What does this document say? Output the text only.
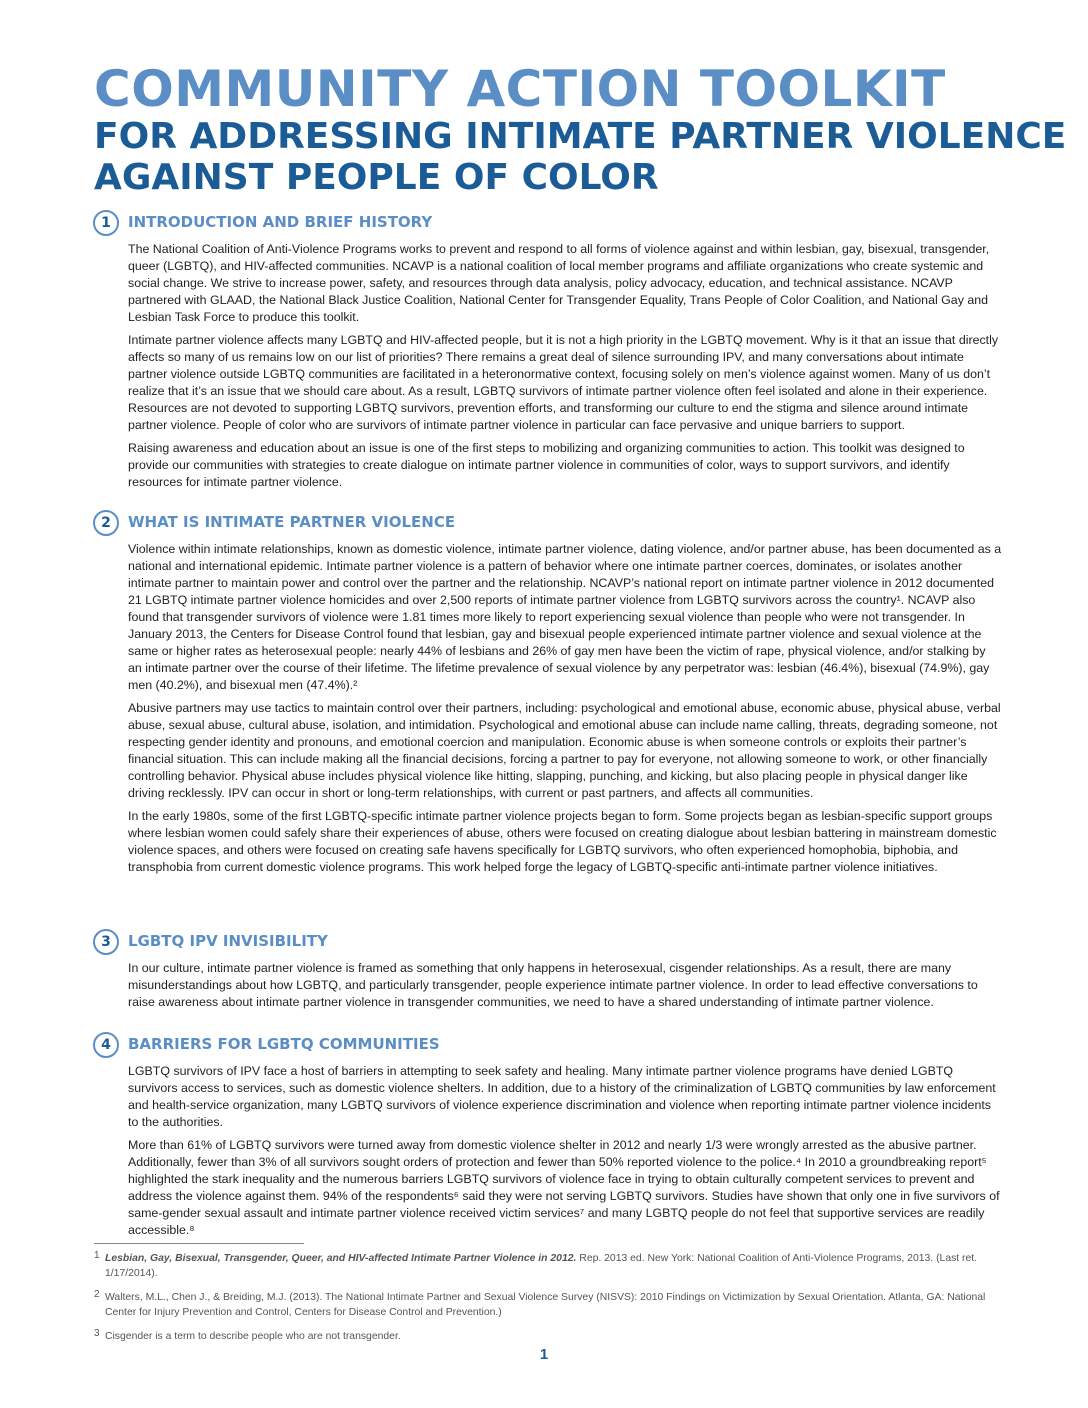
COMMUNITY ACTION TOOLKIT
FOR ADDRESSING INTIMATE PARTNER VIOLENCE
AGAINST PEOPLE OF COLOR
1	INTRODUCTION AND BRIEF HISTORY

The National Coalition of Anti-Violence Programs works to prevent and respond to all forms of violence against and within lesbian, gay, bisexual, transgender, queer (LGBTQ), and HIV-affected communities. NCAVP is a national coalition of local member programs and affiliate organizations who create systemic and social change. We strive to increase power, safety, and resources through data analysis, policy advocacy, education, and technical assistance. NCAVP partnered with GLAAD, the National Black Justice Coalition, National Center for Transgender Equality, Trans People of Color Coalition, and National Gay and Lesbian Task Force to produce this toolkit.

Intimate partner violence affects many LGBTQ and HIV-affected people, but it is not a high priority in the LGBTQ movement. Why is it that an issue that directly affects so many of us remains low on our list of priorities? There remains a great deal of silence surrounding IPV, and many conversations about intimate partner violence outside LGBTQ communities are facilitated in a heteronormative context, focusing solely on men’s violence against women. Many of us don’t realize that it’s an issue that we should care about. As a result, LGBTQ survivors of intimate partner violence often feel isolated and alone in their experience. Resources are not devoted to supporting LGBTQ survivors, prevention efforts, and transforming our culture to end the stigma and silence around intimate partner violence. People of color who are survivors of intimate partner violence in particular can face pervasive and unique barriers to support.

Raising awareness and education about an issue is one of the first steps to mobilizing and organizing communities to action. This toolkit was designed to provide our communities with strategies to create dialogue on intimate partner violence in communities of color, ways to support survivors, and identify resources for intimate partner violence.

2	WHAT IS INTIMATE PARTNER VIOLENCE

Violence within intimate relationships, known as domestic violence, intimate partner violence, dating violence, and/or partner abuse, has been documented as a national and international epidemic. Intimate partner violence is a pattern of behavior where one intimate partner coerces, dominates, or isolates another intimate partner to maintain power and control over the partner and the relationship. NCAVP’s national report on intimate partner violence in 2012 documented 21 LGBTQ intimate partner violence homicides and over 2,500 reports of intimate partner violence from LGBTQ survivors across the country¹. NCAVP also found that transgender survivors of violence were 1.81 times more likely to report experiencing sexual violence than people who were not transgender. In January 2013, the Centers for Disease Control found that lesbian, gay and bisexual people experienced intimate partner violence and sexual violence at the same or higher rates as heterosexual people: nearly 44% of lesbians and 26% of gay men have been the victim of rape, physical violence, and/or stalking by an intimate partner over the course of their lifetime. The lifetime prevalence of sexual violence by any perpetrator was: lesbian (46.4%), bisexual (74.9%), gay men (40.2%), and bisexual men (47.4%).²

Abusive partners may use tactics to maintain control over their partners, including: psychological and emotional abuse, economic abuse, physical abuse, verbal abuse, sexual abuse, cultural abuse, isolation, and intimidation. Psychological and emotional abuse can include name calling, threats, degrading someone, not respecting gender identity and pronouns, and emotional coercion and manipulation. Economic abuse is when someone controls or exploits their partner’s financial situation. This can include making all the financial decisions, forcing a partner to pay for everyone, not allowing someone to work, or other financially controlling behavior. Physical abuse includes physical violence like hitting, slapping, punching, and kicking, but also placing people in physical danger like driving recklessly. IPV can occur in short or long-term relationships, with current or past partners, and affects all communities.

In the early 1980s, some of the first LGBTQ-specific intimate partner violence projects began to form. Some projects began as lesbian-specific support groups where lesbian women could safely share their experiences of abuse, others were focused on creating dialogue about lesbian battering in mainstream domestic violence spaces, and others were focused on creating safe havens specifically for LGBTQ survivors, who often experienced homophobia, biphobia, and transphobia from current domestic violence programs. This work helped forge the legacy of LGBTQ-specific anti-intimate partner violence initiatives.

3	LGBTQ IPV INVISIBILITY

In our culture, intimate partner violence is framed as something that only happens in heterosexual, cisgender relationships. As a result, there are many misunderstandings about how LGBTQ, and particularly transgender, people experience intimate partner violence. In order to lead effective conversations to raise awareness about intimate partner violence in transgender communities, we need to have a shared understanding of intimate partner violence.

4	BARRIERS FOR LGBTQ COMMUNITIES

LGBTQ survivors of IPV face a host of barriers in attempting to seek safety and healing. Many intimate partner violence programs have denied LGBTQ survivors access to services, such as domestic violence shelters. In addition, due to a history of the criminalization of LGBTQ communities by law enforcement and health-service organization, many LGBTQ survivors of violence experience discrimination and violence when reporting intimate partner violence incidents to the authorities.

More than 61% of LGBTQ survivors were turned away from domestic violence shelter in 2012 and nearly 1/3 were wrongly arrested as the abusive partner. Additionally, fewer than 3% of all survivors sought orders of protection and fewer than 50% reported violence to the police.⁴ In 2010 a groundbreaking report⁵ highlighted the stark inequality and the numerous barriers LGBTQ survivors of violence face in trying to obtain culturally competent services to prevent and address the violence against them. 94% of the respondents⁶ said they were not serving LGBTQ survivors. Studies have shown that only one in five survivors of same-gender sexual assault and intimate partner violence received victim services⁷ and many LGBTQ people do not feel that supportive services are readily accessible.⁸

1 Lesbian, Gay, Bisexual, Transgender, Queer, and HIV-affected Intimate Partner Violence in 2012. Rep. 2013 ed. New York: National Coalition of Anti-Violence Programs, 2013. (Last ret. 1/17/2014).
2 Walters, M.L., Chen J., & Breiding, M.J. (2013). The National Intimate Partner and Sexual Violence Survey (NISVS): 2010 Findings on Victimization by Sexual Orientation. Atlanta, GA: National Center for Injury Prevention and Control, Centers for Disease Control and Prevention.)
3 Cisgender is a term to describe people who are not transgender.
1
